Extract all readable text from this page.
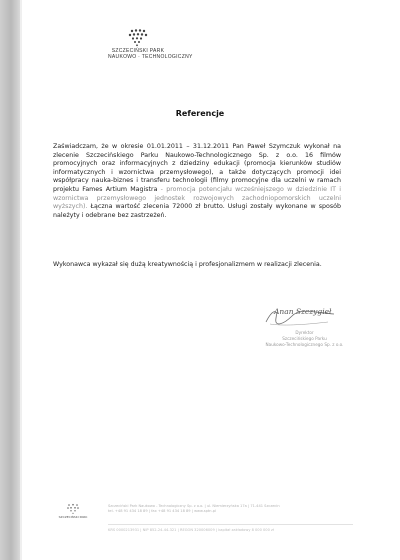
SZCZECIŃSKI PARK
NAUKOWO · TECHNOLOGICZNY
Referencje

Zaświadczam, że w okresie 01.01.2011 – 31.12.2011 Pan Paweł Szymczuk wykonał na zlecenie Szczecińskiego Parku Naukowo-Technologicznego Sp. z o.o. 16 filmów promocyjnych oraz informacyjnych z dziedziny edukacji (promocja kierunków studiów informatycznych i wzornictwa przemysłowego), a także dotyczących promocji idei współpracy nauka-biznes i transferu technologii (filmy promocyjne dla uczelni w ramach projektu Fames Artium Magistra - promocja potencjału wcześniejszego w dziedzinie IT i wzornictwa przemysłowego jednostek rozwojowych zachodniopomorskich uczelni wyższych). Łączna wartość zlecenia 72000 zł brutto. Usługi zostały wykonane w sposób należyty i odebrane bez zastrzeżeń.

Wykonawca wykazał się dużą kreatywnością i profesjonalizmem w realizacji zlecenia.
Anan Szczygieł
Dyrektor
Szczecińskiego Parku
Naukowo-Technologicznego Sp. z o.o.
SZCZECIŃSKI PARK
Szczeciński Park Naukowo - Technologiczny Sp. z o.o. | ul. Niemierzyńska 17a | 71-441 Szczecin
tel. +48 91 434 18 89 | fax +48 91 434 18 89 | www.sptn.pl
KRS 0000213931 | NIP 852-24-44-321 | REGON 320006009 | kapitał zakładowy 8 000 000 zł
